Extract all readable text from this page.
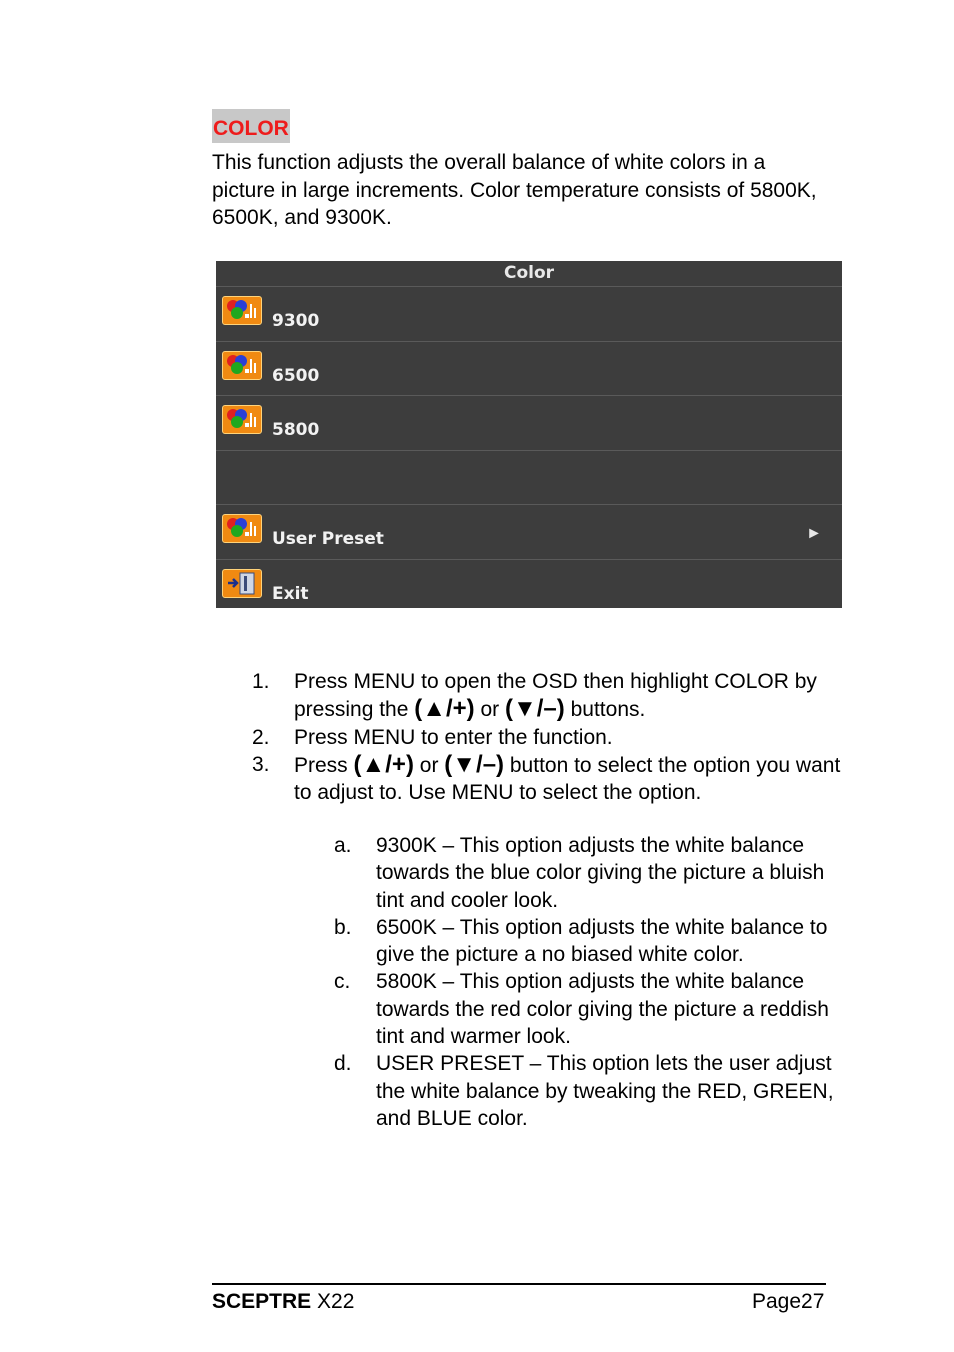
COLOR

This function adjusts the overall balance of white colors in a picture in large increments. Color temperature consists of 5800K, 6500K, and 9300K.

Color
9300
6500
5800
User Preset	►
Exit
1. Press MENU to open the OSD then highlight COLOR by pressing the (▲/+) or (▼/–) buttons.
2. Press MENU to enter the function.
3. Press (▲/+) or (▼/–) button to select the option you want to adjust to. Use MENU to select the option.
a. 9300K – This option adjusts the white balance towards the blue color giving the picture a bluish tint and cooler look.
b. 6500K – This option adjusts the white balance to give the picture a no biased white color.
c. 5800K – This option adjusts the white balance towards the red color giving the picture a reddish tint and warmer look.
d. USER PRESET – This option lets the user adjust the white balance by tweaking the RED, GREEN, and BLUE color.
SCEPTRE X22	Page27
